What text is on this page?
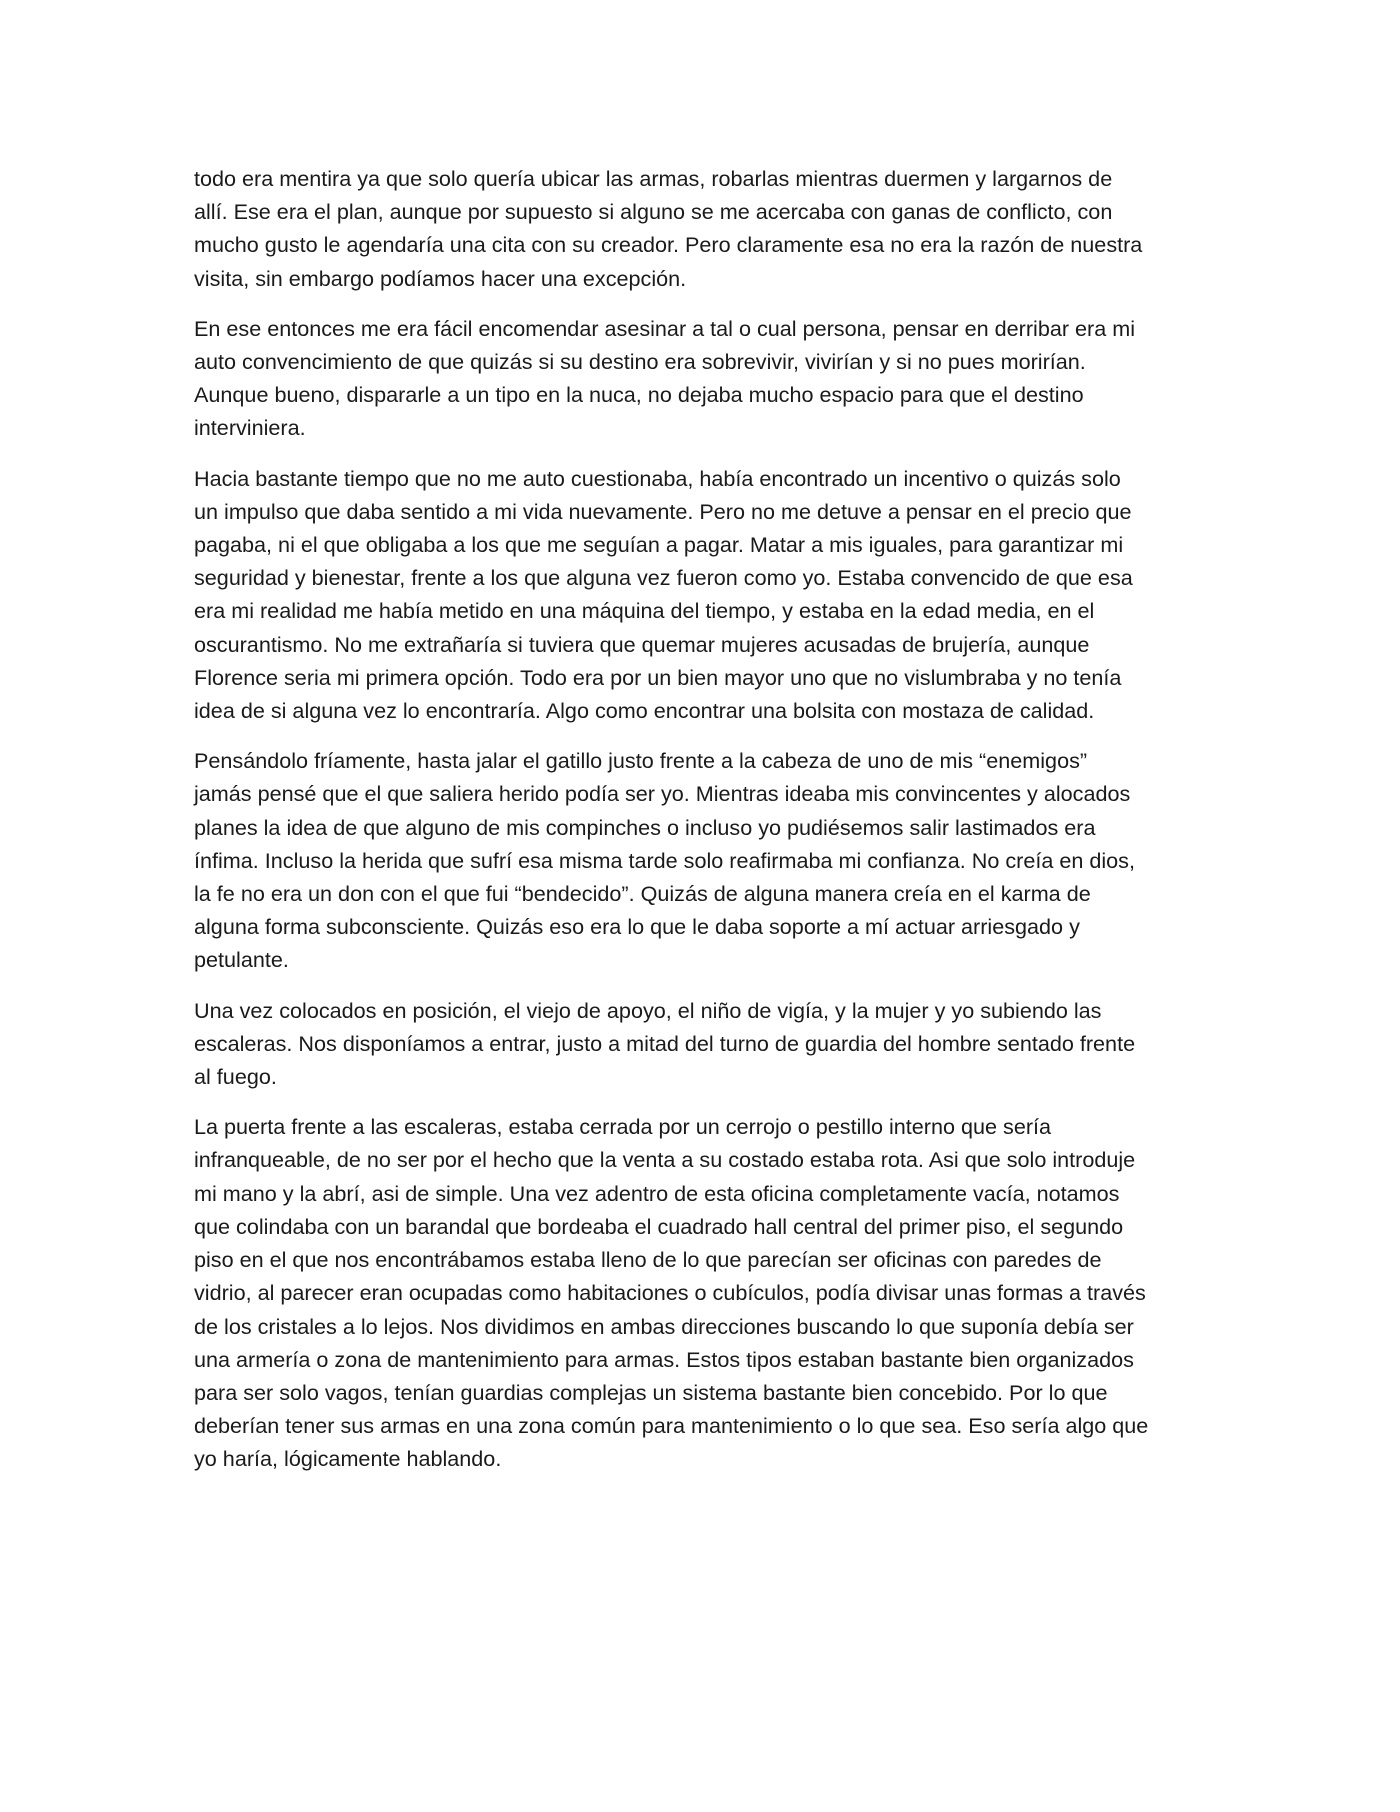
todo era mentira ya que solo quería ubicar las armas, robarlas mientras duermen y largarnos de
allí. Ese era el plan, aunque por supuesto si alguno se me acercaba con ganas de conflicto, con
mucho gusto le agendaría una cita con su creador. Pero claramente esa no era la razón de nuestra
visita, sin embargo podíamos hacer una excepción.

En ese entonces me era fácil encomendar asesinar a tal o cual persona, pensar en derribar era mi
auto convencimiento de que quizás si su destino era sobrevivir, vivirían y si no pues morirían.
Aunque bueno, dispararle a un tipo en la nuca, no dejaba mucho espacio para que el destino
interviniera.

Hacia bastante tiempo que no me auto cuestionaba, había encontrado un incentivo o quizás solo
un impulso que daba sentido a mi vida nuevamente. Pero no me detuve a pensar en el precio que
pagaba, ni el que obligaba a los que me seguían a pagar. Matar a mis iguales, para garantizar mi
seguridad y bienestar, frente a los que alguna vez fueron como yo. Estaba convencido de que esa
era mi realidad me había metido en una máquina del tiempo, y estaba en la edad media, en el
oscurantismo. No me extrañaría si tuviera que quemar mujeres acusadas de brujería, aunque
Florence seria mi primera opción. Todo era por un bien mayor uno que no vislumbraba y no tenía
idea de si alguna vez lo encontraría. Algo como encontrar una bolsita con mostaza de calidad.

Pensándolo fríamente, hasta jalar el gatillo justo frente a la cabeza de uno de mis “enemigos”
jamás pensé que el que saliera herido podía ser yo. Mientras ideaba mis convincentes y alocados
planes la idea de que alguno de mis compinches o incluso yo pudiésemos salir lastimados era
ínfima. Incluso la herida que sufrí esa misma tarde solo reafirmaba mi confianza. No creía en dios,
la fe no era un don con el que fui “bendecido”. Quizás de alguna manera creía en el karma de
alguna forma subconsciente. Quizás eso era lo que le daba soporte a mí actuar arriesgado y
petulante.

Una vez colocados en posición, el viejo de apoyo, el niño de vigía, y la mujer y yo subiendo las
escaleras. Nos disponíamos a entrar, justo a mitad del turno de guardia del hombre sentado frente
al fuego.

La puerta frente a las escaleras, estaba cerrada por un cerrojo o pestillo interno que sería
infranqueable, de no ser por el hecho que la venta a su costado estaba rota. Asi que solo introduje
mi mano y la abrí, asi de simple. Una vez adentro de esta oficina completamente vacía, notamos
que colindaba con un barandal que bordeaba el cuadrado hall central del primer piso, el segundo
piso en el que nos encontrábamos estaba lleno de lo que parecían ser oficinas con paredes de
vidrio, al parecer eran ocupadas como habitaciones o cubículos, podía divisar unas formas a través
de los cristales a lo lejos. Nos dividimos en ambas direcciones buscando lo que suponía debía ser
una armería o zona de mantenimiento para armas. Estos tipos estaban bastante bien organizados
para ser solo vagos, tenían guardias complejas un sistema bastante bien concebido. Por lo que
deberían tener sus armas en una zona común para mantenimiento o lo que sea. Eso sería algo que
yo haría, lógicamente hablando.
